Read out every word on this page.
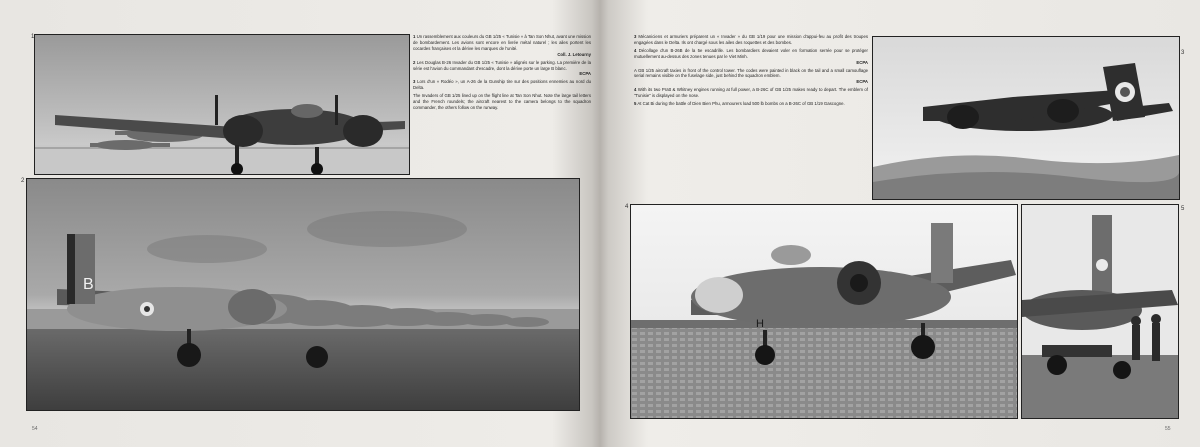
1	1 Un rassemblement aux couleurs du GB 1/25 « Tunisie » à Tan Son Nhut, avant une mission de bombardement. Les avions sont encore en livrée métal naturel ; les ailes portent les cocardes françaises et la dérive les marques de l'unité.
Coll. J. Letourny

2 Les Douglas B-26 Invader du GB 1/25 « Tunisie » alignés sur le parking. La première de la série est l'avion du commandant d'escadre, dont la dérive porte un large B blanc.
ECPA

3 Lors d'un « Rodéo », un A-26 de la Gunship tire sur des positions ennemies au nord du Delta.

The Invaders of GB 1/25 lined up on the flight line at Tan Son Nhut. Note the large tail letters and the French roundels; the aircraft nearest to the camera belongs to the squadron commander, the others follow on the runway.

2
B
54

3 Mécaniciens et armuriers préparent un « Invader » du GB 1/19 pour une mission d'appui-feu au profit des troupes engagées dans le Delta. Ils ont chargé sous les ailes des roquettes et des bombes.

4 Décollage d'un B-26B de la 5e escadrille. Les bombardiers devaient voler en formation serrée pour se protéger mutuellement au-dessus des zones tenues par le Viet Minh.
ECPA

A GB 1/25 aircraft taxies in front of the control tower. The codes were painted in black on the tail and a small camouflage serial remains visible on the fuselage side, just behind the squadron emblem.
ECPA

4 With its two Pratt & Whitney engines running at full power, a B-26C of GB 1/25 makes ready to depart. The emblem of "Tunisie" is displayed on the nose.

5 At Cat Bi during the battle of Dien Bien Phu, armourers load 500 lb bombs on a B-26C of GB 1/19 Gascogne.

3
4
H
5
55
